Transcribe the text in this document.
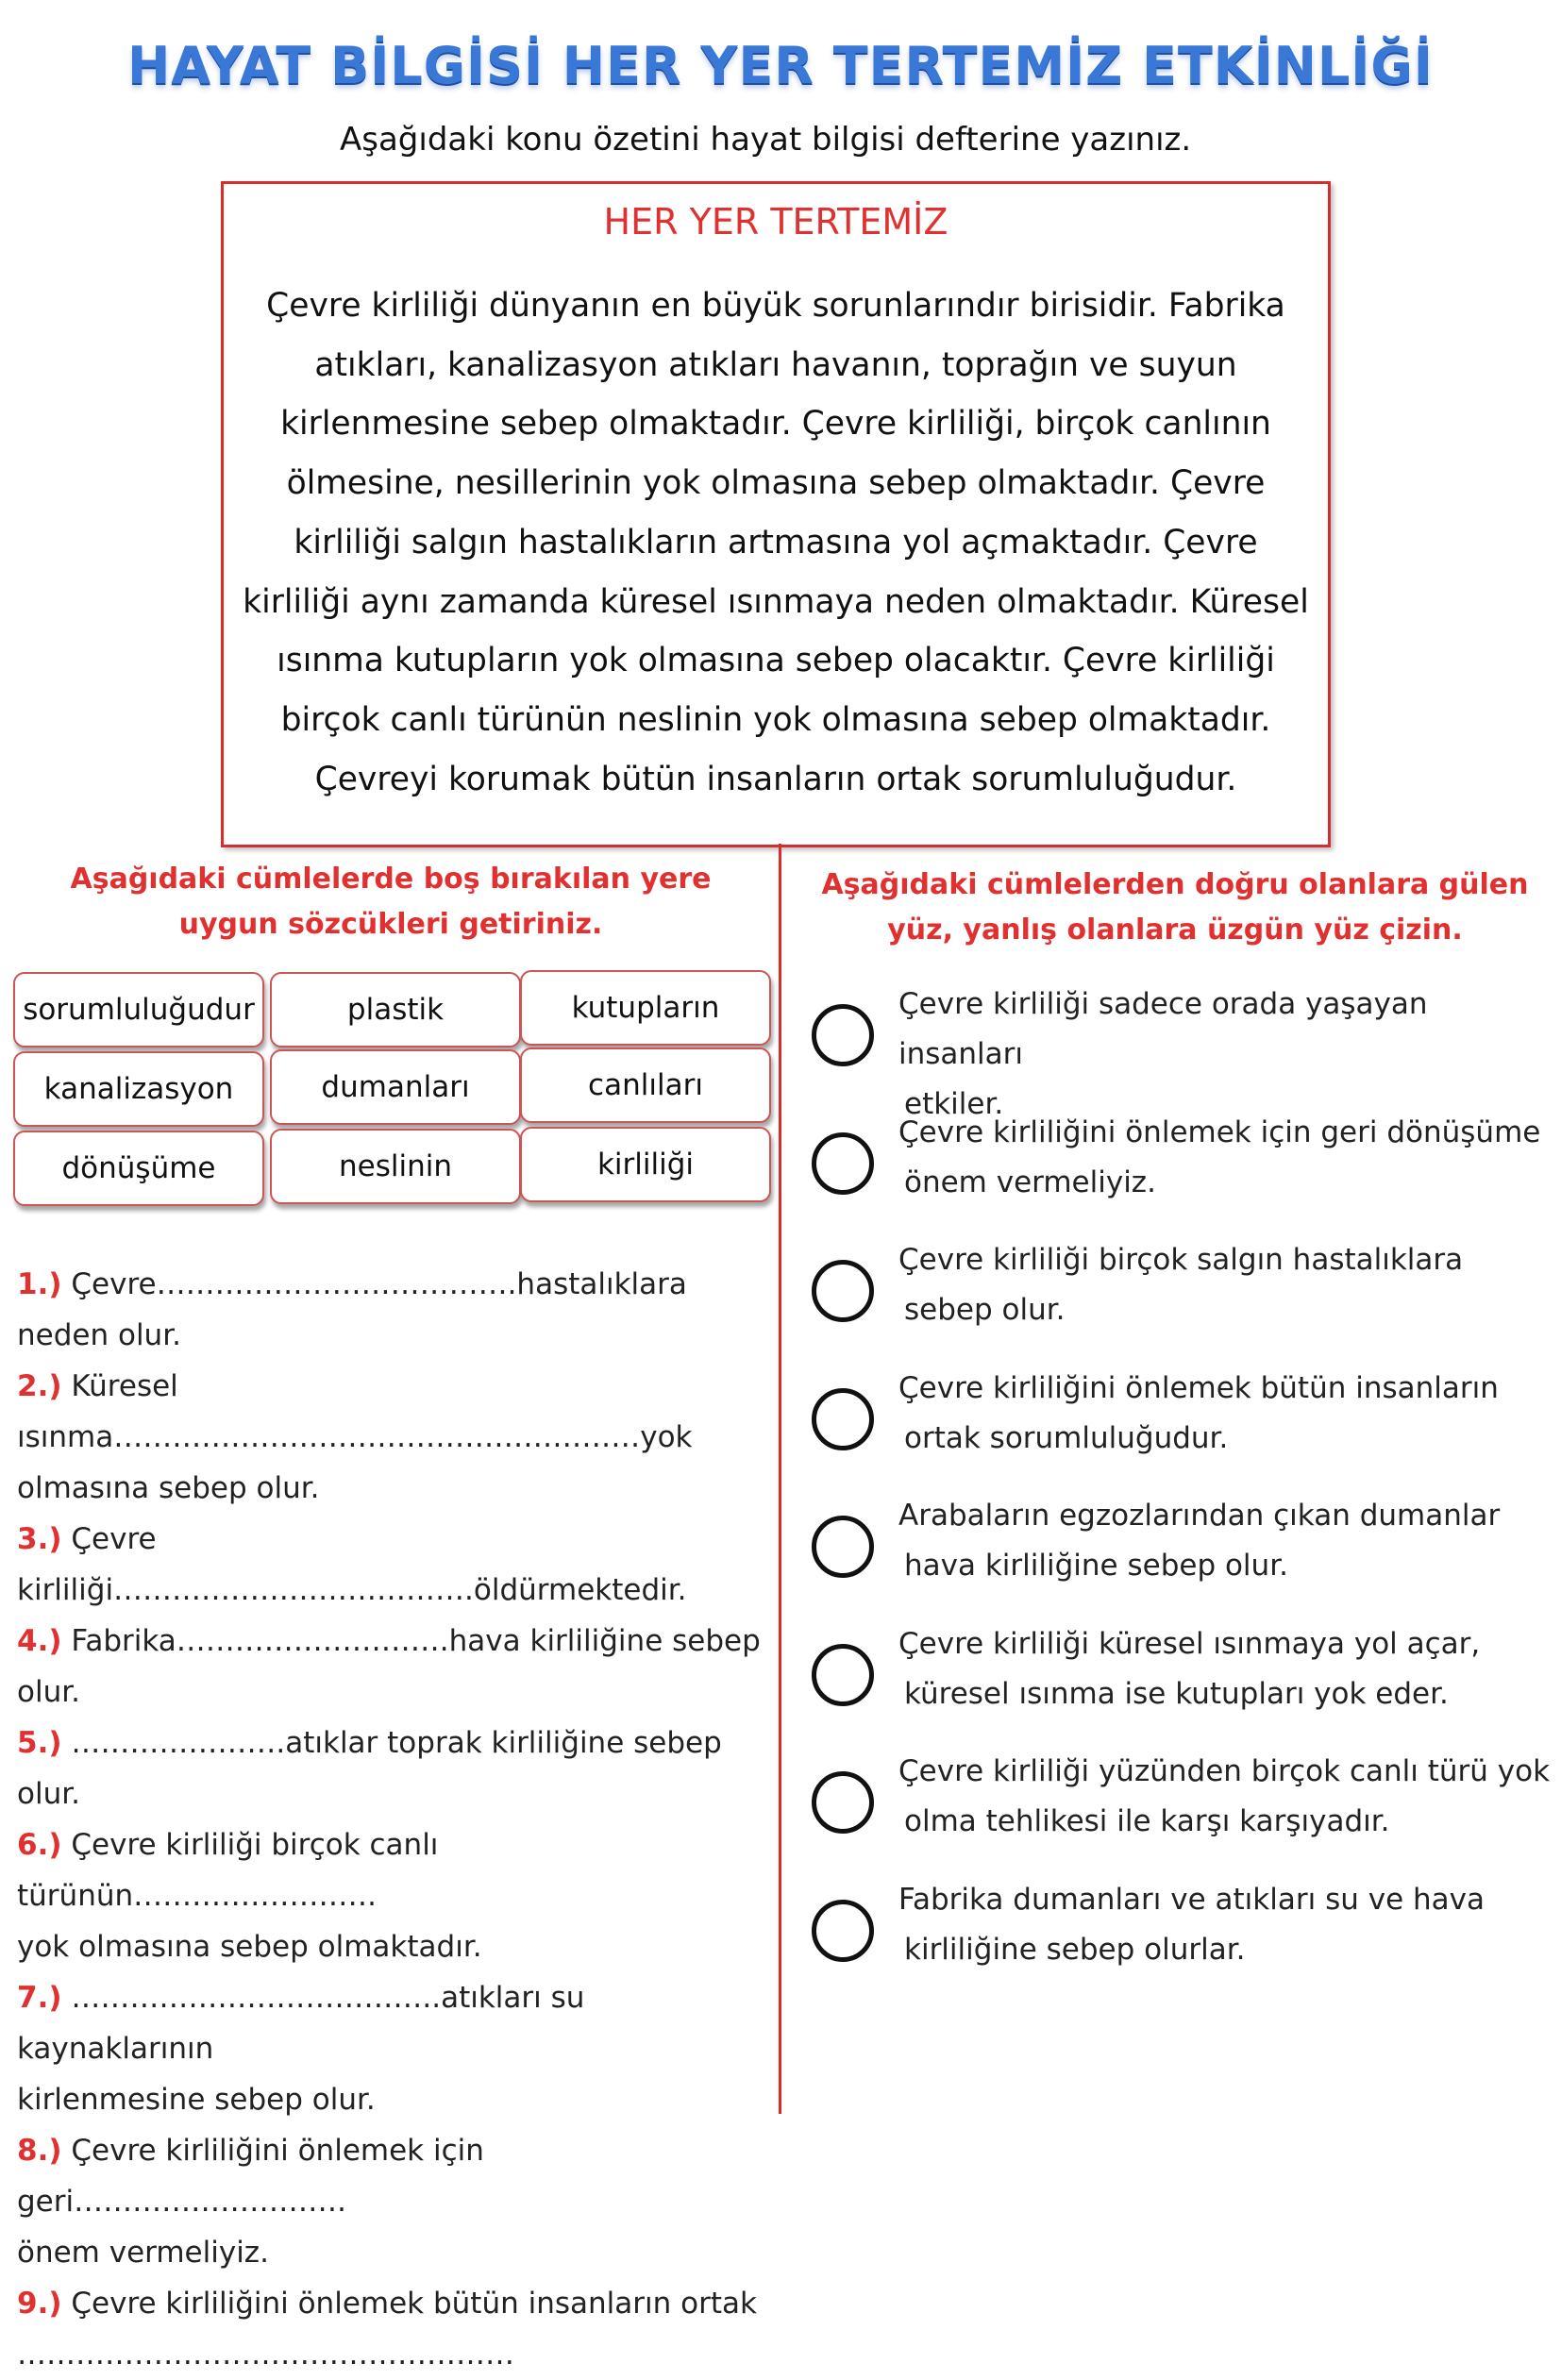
HAYAT BİLGİSİ HER YER TERTEMİZ ETKİNLİĞİ
Aşağıdaki konu özetini hayat bilgisi defterine yazınız.
HER YER TERTEMİZ
Çevre kirliliği dünyanın en büyük sorunlarındır birisidir. Fabrika
atıkları, kanalizasyon atıkları havanın, toprağın ve suyun
kirlenmesine sebep olmaktadır. Çevre kirliliği, birçok canlının
ölmesine, nesillerinin yok olmasına sebep olmaktadır. Çevre
kirliliği salgın hastalıkların artmasına yol açmaktadır. Çevre
kirliliği aynı zamanda küresel ısınmaya neden olmaktadır. Küresel
ısınma kutupların yok olmasına sebep olacaktır. Çevre kirliliği
birçok canlı türünün neslinin yok olmasına sebep olmaktadır.
Çevreyi korumak bütün insanların ortak sorumluluğudur.
Aşağıdaki cümlelerde boş bırakılan yere
uygun sözcükleri getiriniz.
sorumluluğudur	plastik	kutupların
kanalizasyon	dumanları	canlıları
dönüşüme	neslinin	kirliliği
1.) Çevre……………………………….hastalıklara neden olur.
2.) Küresel ısınma………………………………………………yok
olmasına sebep olur.
3.) Çevre kirliliği……………………………….öldürmektedir.
4.) Fabrika……………………….hava kirliliğine sebep olur.
5.) ………………….atıklar toprak kirliliğine sebep olur.
6.) Çevre kirliliği birçok canlı türünün…………………….
yok olmasına sebep olmaktadır.
7.) ………………………………..atıkları su kaynaklarının
kirlenmesine sebep olur.
8.) Çevre kirliliğini önlemek için geri……………………….
önem vermeliyiz.
9.) Çevre kirliliğini önlemek bütün insanların ortak
……………………………………………
Aşağıdaki cümlelerden doğru olanlara gülen
yüz, yanlış olanlara üzgün yüz çizin.
Çevre kirliliği sadece orada yaşayan insanları
etkiler.
Çevre kirliliğini önlemek için geri dönüşüme
önem vermeliyiz.
Çevre kirliliği birçok salgın hastalıklara
sebep olur.
Çevre kirliliğini önlemek bütün insanların
ortak sorumluluğudur.
Arabaların egzozlarından çıkan dumanlar
hava kirliliğine sebep olur.
Çevre kirliliği küresel ısınmaya yol açar,
küresel ısınma ise kutupları yok eder.
Çevre kirliliği yüzünden birçok canlı türü yok
olma tehlikesi ile karşı karşıyadır.
Fabrika dumanları ve atıkları su ve hava
kirliliğine sebep olurlar.
